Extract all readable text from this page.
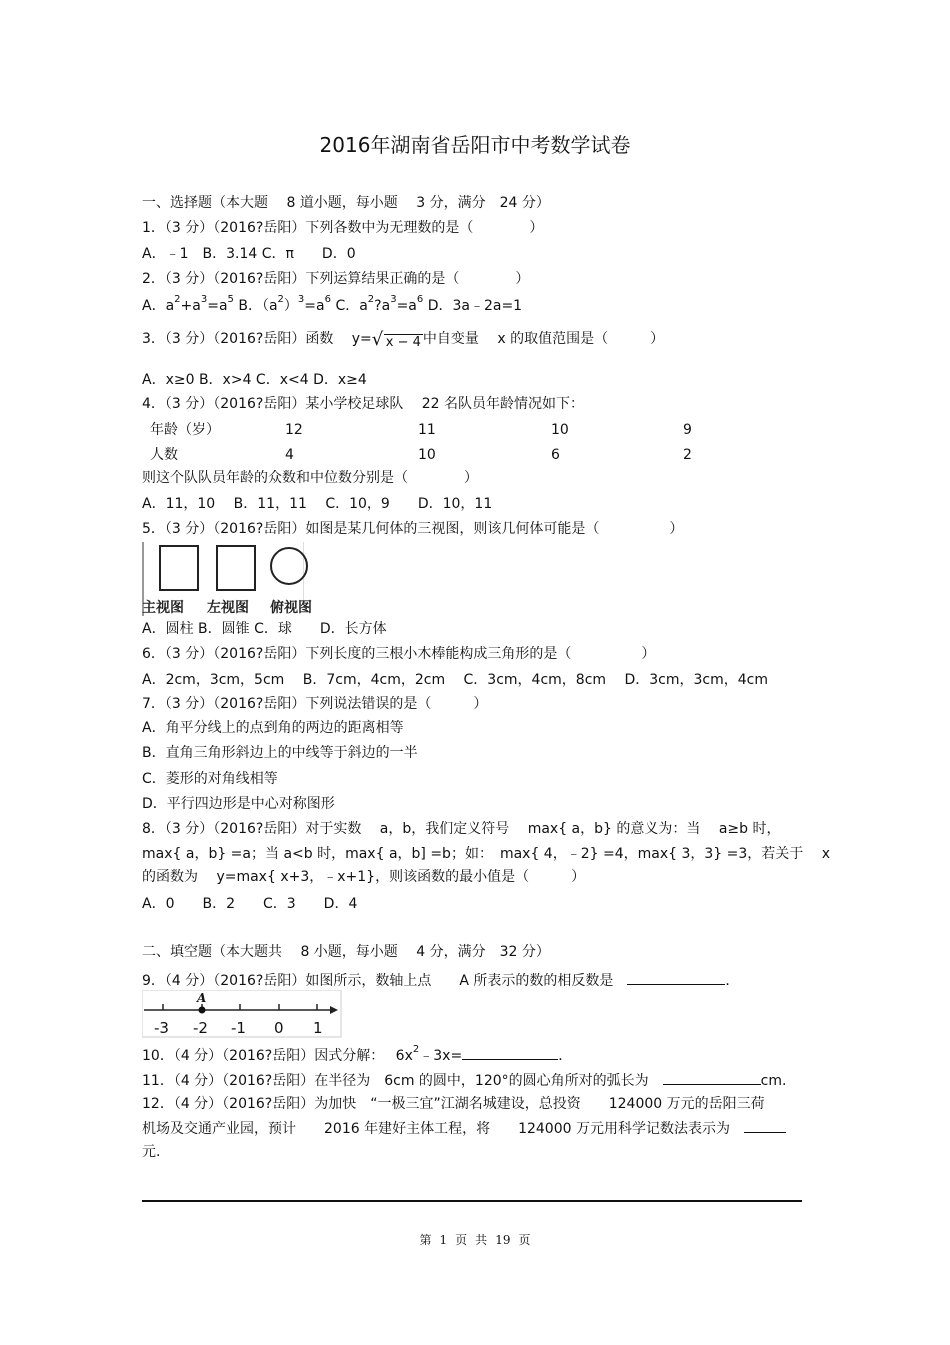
2016年湖南省岳阳市中考数学试卷
一、选择题（本大题　 8 道小题，每小题　 3 分，满分　24 分）
1．（3 分）（2016?岳阳）下列各数中为无理数的是（　　　　）
A．﹣1　B．3.14 C．π　　D．0
2．（3 分）（2016?岳阳）下列运算结果正确的是（　　　　）
A．$a^2+a^3=a^5$ B．$(a^2)^3=a^6$ C．$a^2?a^3=a^6$ D．3a﹣2a=1
3．（3 分）（2016?岳阳）函数　 y= √ x − 4 中自变量　 x 的取值范围是（　　　）
A．x≥0 B．x>4 C．x<4 D．x≥4
4．（3 分）（2016?岳阳）某小学校足球队　 22 名队员年龄情况如下：
年龄（岁）	12	11	10	9
人数	4	10	6	2
则这个队队员年龄的众数和中位数分别是（　　　　）
A．11，10　 B．11，11　 C．10，9　　D．10，11
5．（3 分）（2016?岳阳）如图是某几何体的三视图，则该几何体可能是（　　　　　）
主视图 左视图 俯视图
A．圆柱 B．圆锥 C．球　　D．长方体
6．（3 分）（2016?岳阳）下列长度的三根小木棒能构成三角形的是（　　　　　）
A．2cm，3cm，5cm　 B．7cm，4cm，2cm　 C．3cm，4cm，8cm　 D．3cm，3cm，4cm
7．（3 分）（2016?岳阳）下列说法错误的是（　　　）
A．角平分线上的点到角的两边的距离相等
B．直角三角形斜边上的中线等于斜边的一半
C．菱形的对角线相等
D．平行四边形是中心对称图形
8．（3 分）（2016?岳阳）对于实数　 a，b，我们定义符号　 max{ a，b} 的意义为：当　 a≥b 时，
max{ a，b} =a；当 a<b 时，max{ a，b] =b；如：　max{ 4，﹣2} =4，max{ 3，3} =3，若关于　 x
的函数为　 y=max{ x+3，﹣x+1}，则该函数的最小值是（　　　）
A．0　　B．2　　C．3　　D．4
二、填空题（本大题共　 8 小题，每小题　 4 分，满分　32 分）
9．（4 分）（2016?岳阳）如图所示，数轴上点　　A 所表示的数的相反数是　	．
A
-3 -2 -1 0 1
10．（4 分）（2016?岳阳）因式分解：　 $6x^2﹣3x=$	．
11．（4 分）（2016?岳阳）在半径为　6cm 的圆中，120°的圆心角所对的弧长为　	cm.
12．（4 分）（2016?岳阳）为加快　“一极三宜”江湖名城建设，总投资　　124000 万元的岳阳三荷
机场及交通产业园，预计　　2016 年建好主体工程，将　　124000 万元用科学记数法表示为　
元.
第 1 页 共 19 页
